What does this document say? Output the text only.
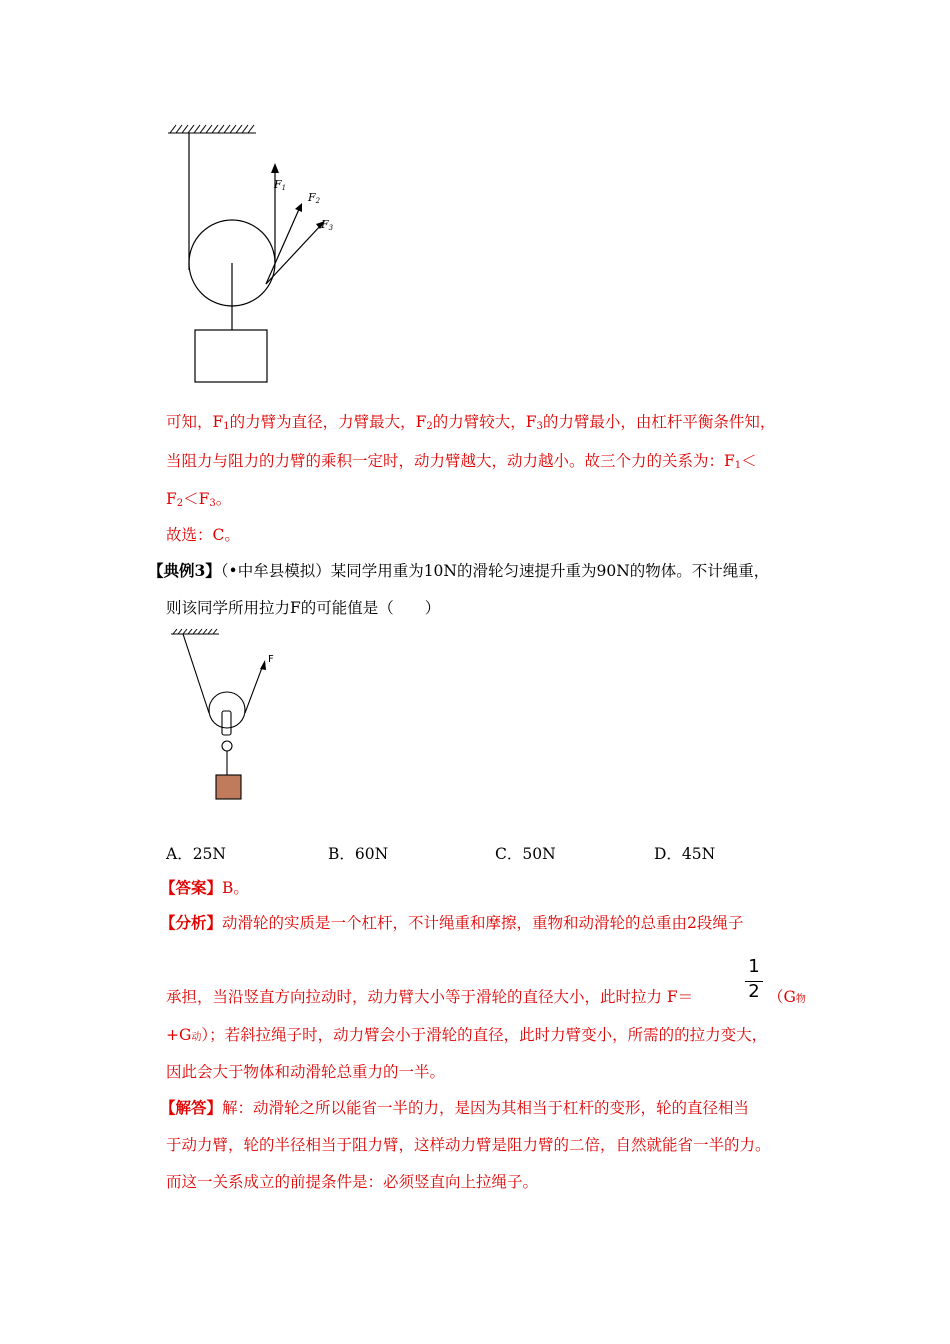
F1
F2
F3
可知，$F_1$的力臂为直径，力臂最大，$F_2$的力臂较大，$F_3$的力臂最小，由杠杆平衡条件知，
当阻力与阻力的力臂的乘积一定时，动力臂越大，动力越小。故三个力的关系为：$F_1<$
$F_2<F_3$。
故选：C。
【典例3】（•中牟县模拟）某同学用重为10N的滑轮匀速提升重为90N的物体。不计绳重，
则该同学所用拉力F的可能值是（　　）
F
A．25N	B．60N	C．50N	D．45N
【答案】B。
【分析】动滑轮的实质是一个杠杆，不计绳重和摩擦，重物和动滑轮的总重由2段绳子
承担，当沿竖直方向拉动时，动力臂大小等于滑轮的直径大小，此时拉力 F＝
1
2 （G物
+G动）；若斜拉绳子时，动力臂会小于滑轮的直径，此时力臂变小，所需的的拉力变大，
因此会大于物体和动滑轮总重力的一半。
【解答】解：动滑轮之所以能省一半的力，是因为其相当于杠杆的变形，轮的直径相当
于动力臂，轮的半径相当于阻力臂，这样动力臂是阻力臂的二倍，自然就能省一半的力。
而这一关系成立的前提条件是：必须竖直向上拉绳子。
